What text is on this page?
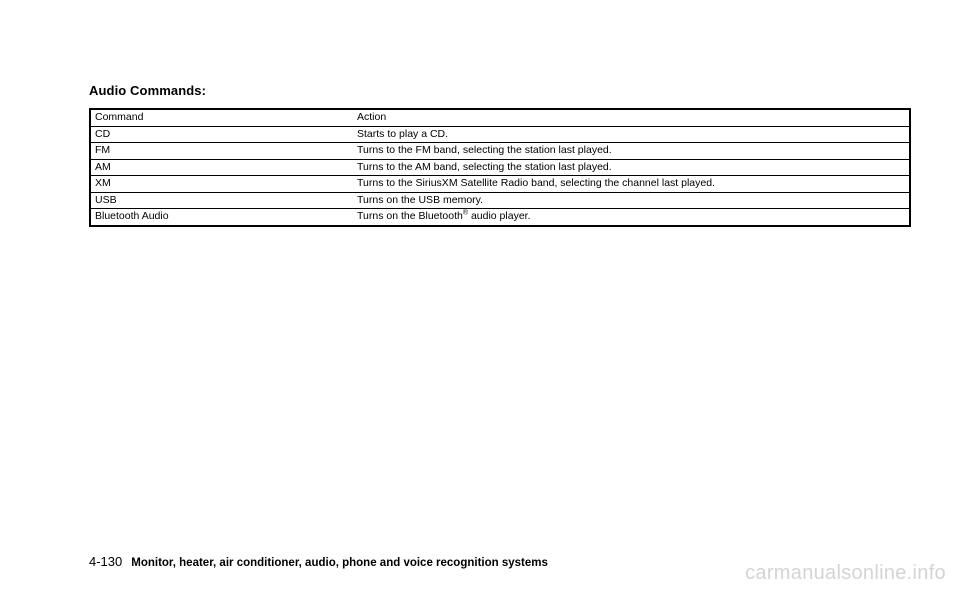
Audio Commands:
Command	Action
CD	Starts to play a CD.
FM	Turns to the FM band, selecting the station last played.
AM	Turns to the AM band, selecting the station last played.
XM	Turns to the SiriusXM Satellite Radio band, selecting the channel last played.
USB	Turns on the USB memory.
Bluetooth Audio	Turns on the Bluetooth® audio player.
4-130 Monitor, heater, air conditioner, audio, phone and voice recognition systems	carmanualsonline.info
